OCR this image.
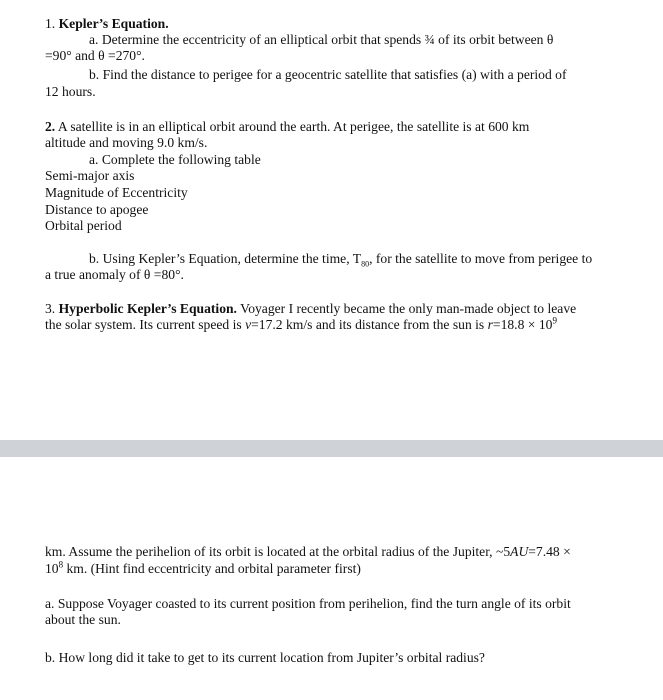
1. Kepler’s Equation.
a. Determine the eccentricity of an elliptical orbit that spends ¾ of its orbit between θ
=90° and θ =270°.
b. Find the distance to perigee for a geocentric satellite that satisfies (a) with a period of
12 hours.
2. A satellite is in an elliptical orbit around the earth. At perigee, the satellite is at 600 km
altitude and moving 9.0 km/s.
a. Complete the following table
Semi-major axis
Magnitude of Eccentricity
Distance to apogee
Orbital period
b. Using Kepler’s Equation, determine the time, $T_{80}$, for the satellite to move from perigee to
a true anomaly of θ =80°.
3. Hyperbolic Kepler’s Equation. Voyager I recently became the only man-made object to leave
the solar system. Its current speed is v=17.2 km/s and its distance from the sun is $r=18.8 \times 10^9$
km. Assume the perihelion of its orbit is located at the orbital radius of the Jupiter, ~5AU=7.48 ×
$10^8$ km. (Hint find eccentricity and orbital parameter first)
a. Suppose Voyager coasted to its current position from perihelion, find the turn angle of its orbit
about the sun.
b. How long did it take to get to its current location from Jupiter’s orbital radius?
